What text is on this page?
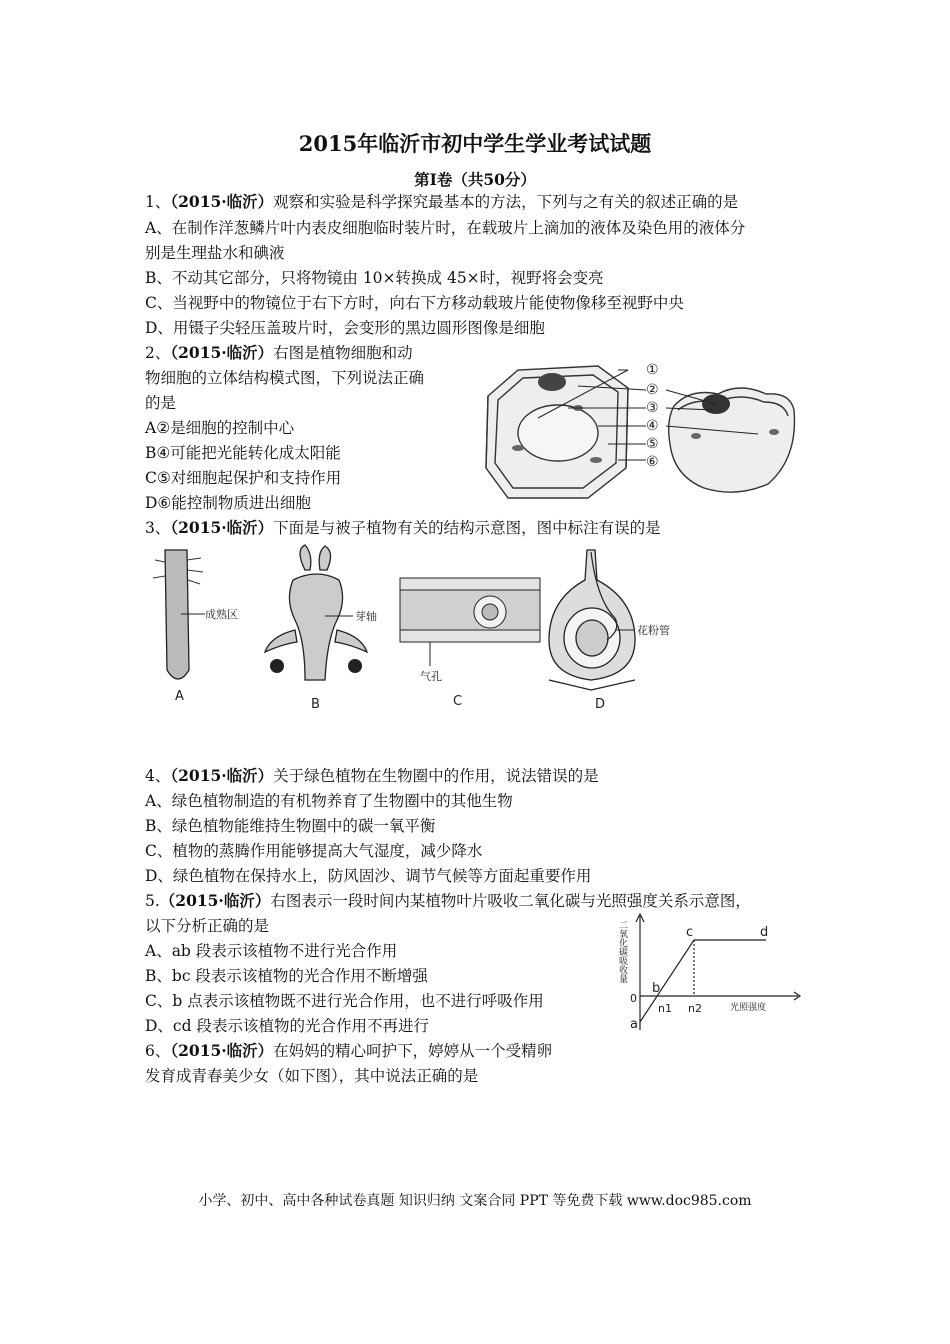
2015年临沂市初中学生学业考试试题
第Ⅰ卷（共50分）
1、（2015·临沂）观察和实验是科学探究最基本的方法，下列与之有关的叙述正确的是
A、在制作洋葱鳞片叶内表皮细胞临时装片时，在载玻片上滴加的液体及染色用的液体分
别是生理盐水和碘液
B、不动其它部分，只将物镜由 10×转换成 45×时，视野将会变亮
C、当视野中的物镜位于右下方时，向右下方移动载玻片能使物像移至视野中央
D、用镊子尖轻压盖玻片时，会变形的黑边圆形图像是细胞
2、（2015·临沂）右图是植物细胞和动
物细胞的立体结构模式图，下列说法正确
的是
A②是细胞的控制中心
B④可能把光能转化成太阳能
C⑤对细胞起保护和支持作用
D⑥能控制物质进出细胞
①
②
③
④
⑤
⑥
3、（2015·临沂）下面是与被子植物有关的结构示意图，图中标注有误的是
成熟区
A
芽轴
B
气孔
C
花粉管
D
4、（2015·临沂）关于绿色植物在生物圈中的作用，说法错误的是
A、绿色植物制造的有机物养育了生物圈中的其他生物
B、绿色植物能维持生物圈中的碳一氧平衡
C、植物的蒸腾作用能够提高大气湿度，减少降水
D、绿色植物在保持水上，防风固沙、调节气候等方面起重要作用
5.（2015·临沂）右图表示一段时间内某植物叶片吸收二氧化碳与光照强度关系示意图，
以下分析正确的是
A、ab 段表示该植物不进行光合作用
B、bc 段表示该植物的光合作用不断增强
C、b 点表示该植物既不进行光合作用，也不进行呼吸作用
D、cd 段表示该植物的光合作用不再进行
二氧化碳吸收量
光照强度
0
a
b
c	d
n1 n2
6、（2015·临沂）在妈妈的精心呵护下，婷婷从一个受精卵
发育成青春美少女（如下图），其中说法正确的是
小学、初中、高中各种试卷真题 知识归纳 文案合同 PPT 等免费下载 www.doc985.com
